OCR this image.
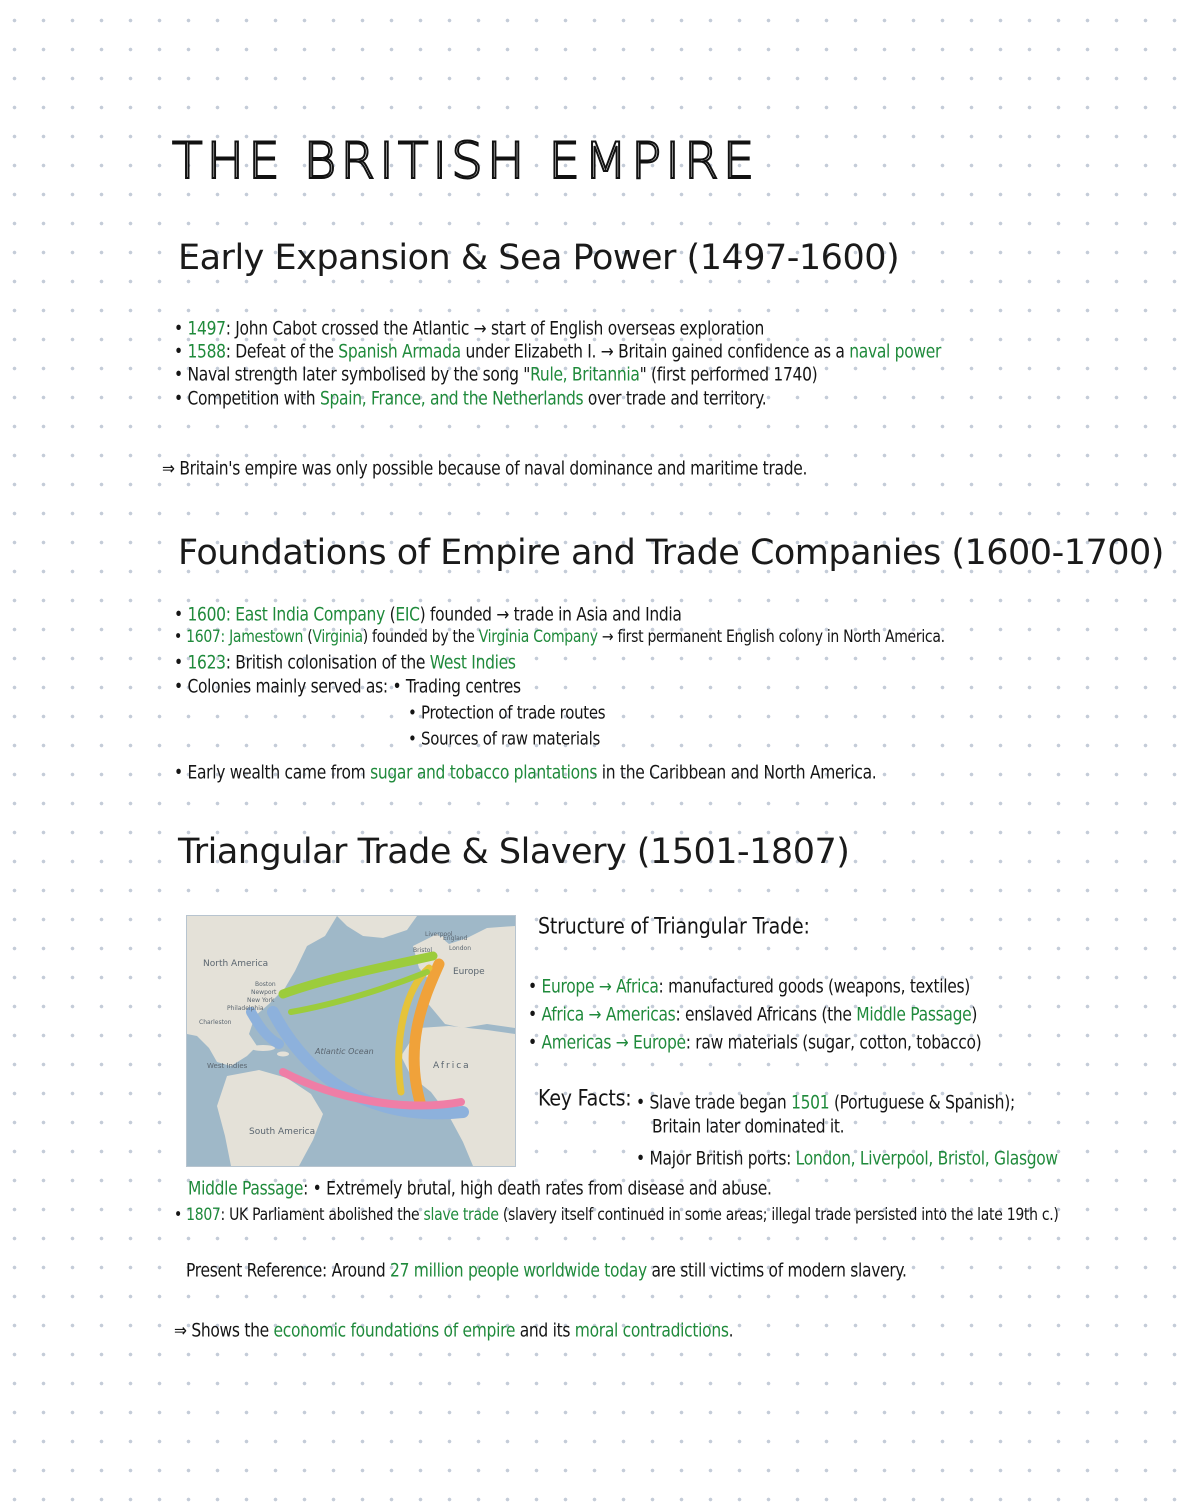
THE BRITISH EMPIRE
Early Expansion & Sea Power (1497-1600)
• 1497: John Cabot crossed the Atlantic → start of English overseas exploration
• 1588: Defeat of the Spanish Armada under Elizabeth I. → Britain gained confidence as a naval power
• Naval strength later symbolised by the song "Rule, Britannia" (first performed 1740)
• Competition with Spain, France, and the Netherlands over trade and territory.
⇒ Britain's empire was only possible because of naval dominance and maritime trade.
Foundations of Empire and Trade Companies (1600-1700)
• 1600: East India Company (EIC) founded → trade in Asia and India
• 1607: Jamestown (Virginia) founded by the Virginia Company → first permanent English colony in North America.
• 1623: British colonisation of the West Indies
• Colonies mainly served as: • Trading centres
• Protection of trade routes
• Sources of raw materials
• Early wealth came from sugar and tobacco plantations in the Caribbean and North America.
Triangular Trade & Slavery (1501-1807)
North America
Europe
Africa
South America
Atlantic Ocean
West Indies
Charleston
Boston
Newport
New York
Philadelphia
England
London
Bristol
Liverpool	Structure of Triangular Trade:
• Europe → Africa: manufactured goods (weapons, textiles)
• Africa → Americas: enslaved Africans (the Middle Passage)
• Americas → Europe: raw materials (sugar, cotton, tobacco)
Key Facts: • Slave trade began 1501 (Portuguese & Spanish);
Britain later dominated it.
• Major British ports: London, Liverpool, Bristol, Glasgow
Middle Passage: • Extremely brutal, high death rates from disease and abuse.
• 1807: UK Parliament abolished the slave trade (slavery itself continued in some areas; illegal trade persisted into the late 19th c.)
Present Reference: Around 27 million people worldwide today are still victims of modern slavery.
⇒ Shows the economic foundations of empire and its moral contradictions.
